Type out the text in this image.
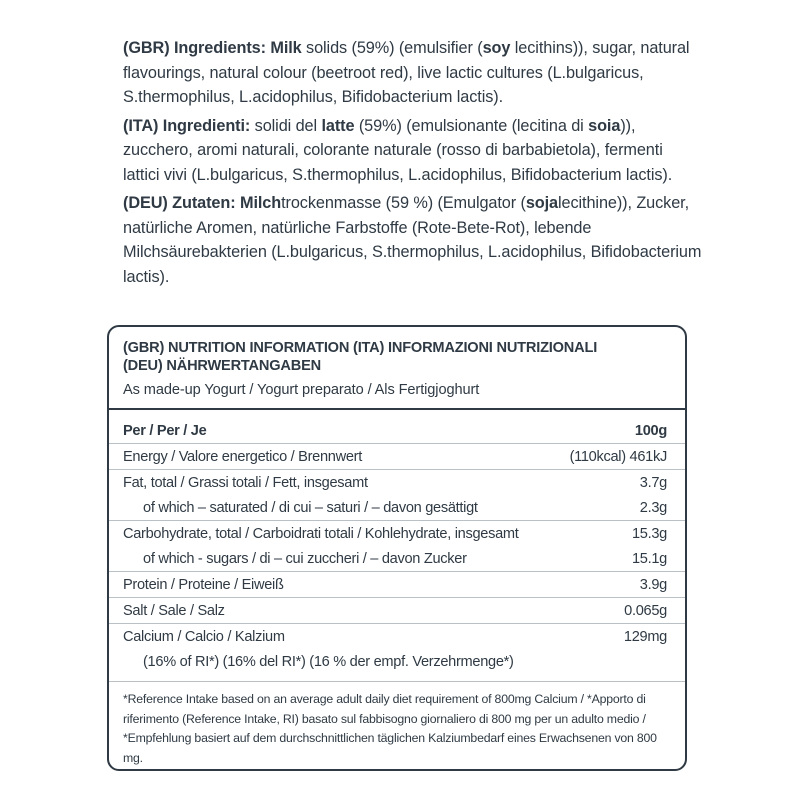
(GBR) Ingredients: Milk solids (59%) (emulsifier (soy lecithins)), sugar, natural flavourings, natural colour (beetroot red), live lactic cultures (L.bulgaricus, S.thermophilus, L.acidophilus, Bifidobacterium lactis).

(ITA) Ingredienti: solidi del latte (59%) (emulsionante (lecitina di soia)), zucchero, aromi naturali, colorante naturale (rosso di barbabietola), fermenti lattici vivi (L.bulgaricus, S.thermophilus, L.acidophilus, Bifidobacterium lactis).

(DEU) Zutaten: Milchtrockenmasse (59 %) (Emulgator (sojalecithine)), Zucker, natürliche Aromen, natürliche Farbstoffe (Rote-Bete-Rot), lebende Milchsäurebakterien (L.bulgaricus, S.thermophilus, L.acidophilus, Bifidobacterium lactis).

(GBR) NUTRITION INFORMATION (ITA) INFORMAZIONI NUTRIZIONALI
(DEU) NÄHRWERTANGABEN
As made-up Yogurt / Yogurt preparato / Als Fertigjoghurt
Per / Per / Je	100g
Energy / Valore energetico / Brennwert	(110kcal) 461kJ
Fat, total / Grassi totali / Fett, insgesamt	3.7g
of which – saturated / di cui – saturi / – davon gesättigt	2.3g
Carbohydrate, total / Carboidrati totali / Kohlehydrate, insgesamt	15.3g
of which - sugars / di – cui zuccheri / – davon Zucker	15.1g
Protein / Proteine / Eiweiß	3.9g
Salt / Sale / Salz	0.065g
Calcium / Calcio / Kalzium	129mg
(16% of RI*) (16% del RI*) (16 % der empf. Verzehrmenge*)	
*Reference Intake based on an average adult daily diet requirement of 800mg Calcium / *Apporto di riferimento (Reference Intake, RI) basato sul fabbisogno giornaliero di 800 mg per un adulto medio / *Empfehlung basiert auf dem durchschnittlichen täglichen Kalziumbedarf eines Erwachsenen von 800 mg.
